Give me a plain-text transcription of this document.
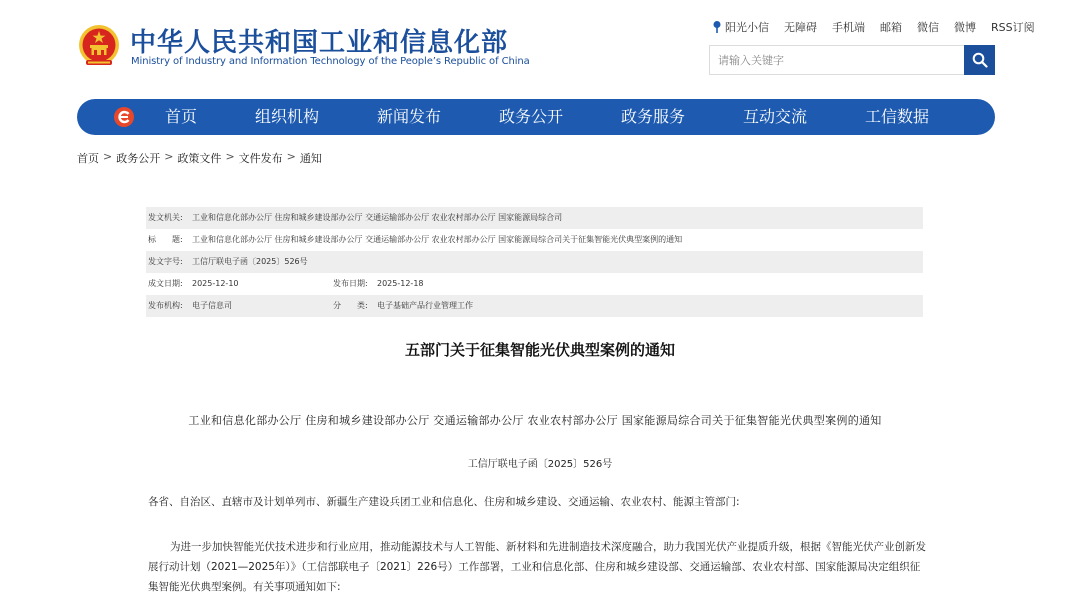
中华人民共和国工业和信息化部
Ministry of Industry and Information Technology of the People’s Republic of China
阳光小信 无障碍 手机端 邮箱 微信 微博 RSS订阅
请输入关键字
首页	组织机构	新闻发布	政务公开	政务服务	互动交流	工信数据
首页 > 政务公开 > 政策文件 > 文件发布 > 通知
发文机关:	工业和信息化部办公厅 住房和城乡建设部办公厅 交通运输部办公厅 农业农村部办公厅 国家能源局综合司
标　　题:	工业和信息化部办公厅 住房和城乡建设部办公厅 交通运输部办公厅 农业农村部办公厅 国家能源局综合司关于征集智能光伏典型案例的通知
发文字号:	工信厅联电子函〔2025〕526号
成文日期:	2025-12-10	发布日期:	2025-12-18
发布机构:	电子信息司	分　　类:	电子基础产品行业管理工作
五部门关于征集智能光伏典型案例的通知
工业和信息化部办公厅 住房和城乡建设部办公厅 交通运输部办公厅 农业农村部办公厅 国家能源局综合司关于征集智能光伏典型案例的通知
工信厅联电子函〔2025〕526号
各省、自治区、直辖市及计划单列市、新疆生产建设兵团工业和信息化、住房和城乡建设、交通运输、农业农村、能源主管部门:
为进一步加快智能光伏技术进步和行业应用，推动能源技术与人工智能、新材料和先进制造技术深度融合，助力我国光伏产业提质升级，根据《智能光伏产业创新发展行动计划（2021—2025年）》（工信部联电子〔2021〕226号）工作部署，工业和信息化部、住房和城乡建设部、交通运输部、农业农村部、国家能源局决定组织征集智能光伏典型案例。有关事项通知如下:
